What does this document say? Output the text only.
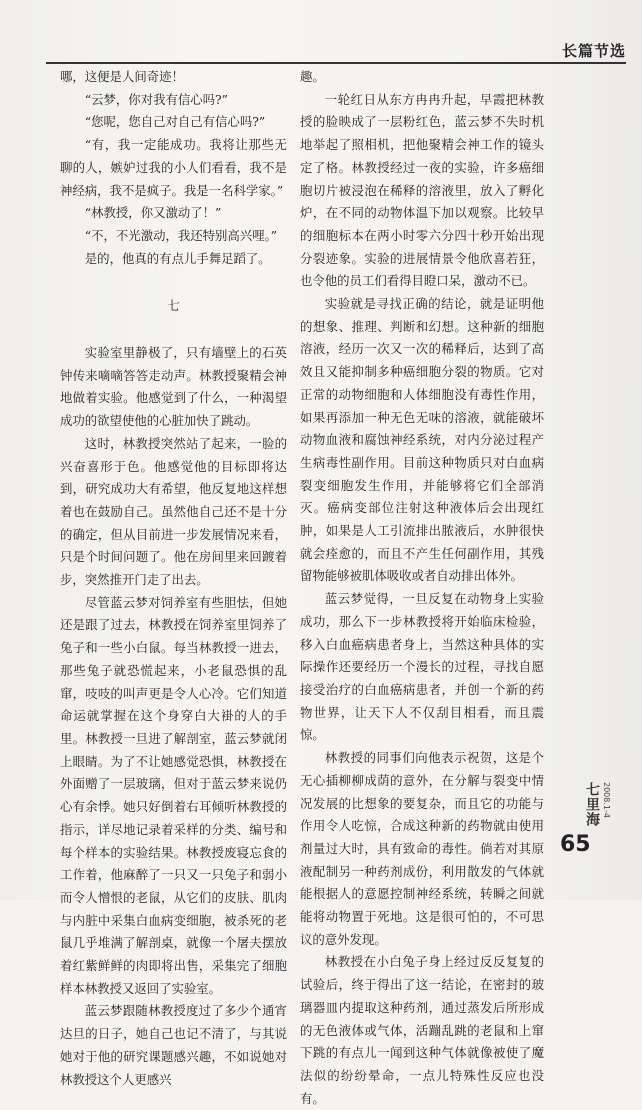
长篇节选

哪，这便是人间奇迹！

“云梦，你对我有信心吗?”

“您呢，您自己对自己有信心吗?”

“有，我一定能成功。我将让那些无聊的人，嫉妒过我的小人们看看，我不是神经病，我不是疯子。我是一名科学家。”

“林教授，你又激动了！”

“不，不光激动，我还特别高兴哩。”

是的，他真的有点儿手舞足蹈了。

七

实验室里静极了，只有墙壁上的石英钟传来嘀嘀答答走动声。林教授聚精会神地做着实验。他感觉到了什么，一种渴望成功的欲望使他的心脏加快了跳动。

这时，林教授突然站了起来，一脸的兴奋喜形于色。他感觉他的目标即将达到，研究成功大有希望，他反复地这样想着也在鼓励自己。虽然他自己还不是十分的确定，但从目前进一步发展情况来看，只是个时间问题了。他在房间里来回踱着步，突然推开门走了出去。

尽管蓝云梦对饲养室有些胆怯，但她还是跟了过去，林教授在饲养室里饲养了兔子和一些小白鼠。每当林教授一进去，那些兔子就恐慌起来，小老鼠恐惧的乱窜，吱吱的叫声更是令人心冷。它们知道命运就掌握在这个身穿白大褂的人的手里。林教授一旦进了解剖室，蓝云梦就闭上眼睛。为了不让她感觉恐惧，林教授在外面赠了一层玻璃，但对于蓝云梦来说仍心有余悸。她只好倒着右耳倾听林教授的指示，详尽地记录着采样的分类、编号和每个样本的实验结果。林教授废寝忘食的工作着，他麻醉了一只又一只兔子和弱小而令人憎恨的老鼠，从它们的皮肤、肌肉与内脏中采集白血病变细胞，被杀死的老鼠几乎堆满了解剖桌，就像一个屠夫摆放着红紫鲜鲜的肉即将出售，采集完了细胞样本林教授又返回了实验室。

蓝云梦跟随林教授度过了多少个通宵达旦的日子，她自己也记不清了，与其说她对于他的研究课题感兴趣，不如说她对林教授这个人更感兴

趣。

一轮红日从东方冉冉升起，早霞把林教授的脸映成了一层粉红色，蓝云梦不失时机地举起了照相机，把他聚精会神工作的镜头定了格。林教授经过一夜的实验，许多癌细胞切片被浸泡在稀释的溶液里，放入了孵化炉，在不同的动物体温下加以观察。比较早的细胞标本在两小时零六分四十秒开始出现分裂迹象。实验的进展情景令他欣喜若狂，也令他的员工们看得目瞪口呆，激动不已。

实验就是寻找正确的结论，就是证明他的想象、推理、判断和幻想。这种新的细胞溶液，经历一次又一次的稀释后，达到了高效且又能抑制多种癌细胞分裂的物质。它对正常的动物细胞和人体细胞没有毒性作用，如果再添加一种无色无味的溶液，就能破坏动物血液和腐蚀神经系统，对内分泌过程产生病毒性副作用。目前这种物质只对白血病裂变细胞发生作用，并能够将它们全部消灭。癌病变部位注射这种液体后会出现红肿，如果是人工引流排出脓液后，水肿很快就会痊愈的，而且不产生任何副作用，其残留物能够被肌体吸收或者自动排出体外。

蓝云梦觉得，一旦反复在动物身上实验成功，那么下一步林教授将开始临床检验，移入白血癌病患者身上，当然这种具体的实际操作还要经历一个漫长的过程，寻找自愿接受治疗的白血癌病患者，并创一个新的药物世界，让天下人不仅刮目相看，而且震惊。

林教授的同事们向他表示祝贺，这是个无心插柳柳成荫的意外，在分解与裂变中情况发展的比想象的要复杂，而且它的功能与作用令人吃惊，合成这种新的药物就由使用剂量过大时，具有致命的毒性。倘若对其原液配制另一种药剂成份，利用散发的气体就能根据人的意愿控制神经系统，转瞬之间就能将动物置于死地。这是很可怕的，不可思议的意外发现。

林教授在小白兔子身上经过反反复复的试验后，终于得出了这一结论，在密封的玻璃器皿内提取这种药剂，通过蒸发后所形成的无色液体或气体，活蹦乱跳的老鼠和上窜下跳的有点儿一闻到这种气体就像被使了魔法似的纷纷晕命，一点儿特殊性反应也没有。

七里海 2008.1-4
65
